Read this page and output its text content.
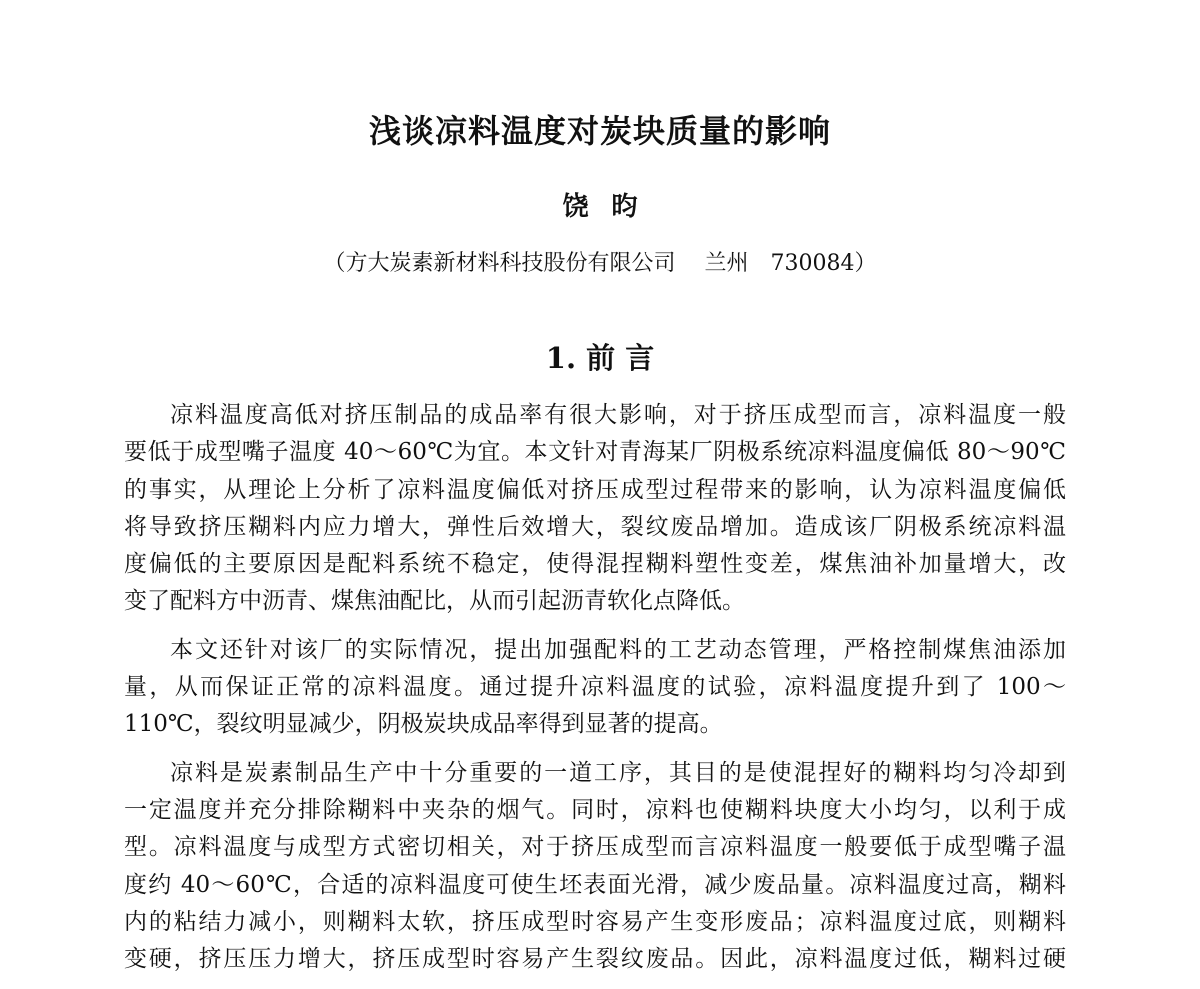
浅谈凉料温度对炭块质量的影响
饶 昀
（方大炭素新材料科技股份有限公司　 兰州　730084）
1. 前 言
凉料温度高低对挤压制品的成品率有很大影响，对于挤压成型而言，凉料温度一般
要低于成型嘴子温度 40～60℃为宜。本文针对青海某厂阴极系统凉料温度偏低 80～90℃
的事实，从理论上分析了凉料温度偏低对挤压成型过程带来的影响，认为凉料温度偏低
将导致挤压糊料内应力增大，弹性后效增大，裂纹废品增加。造成该厂阴极系统凉料温
度偏低的主要原因是配料系统不稳定，使得混捏糊料塑性变差，煤焦油补加量增大，改
变了配料方中沥青、煤焦油配比，从而引起沥青软化点降低。
本文还针对该厂的实际情况，提出加强配料的工艺动态管理，严格控制煤焦油添加
量，从而保证正常的凉料温度。通过提升凉料温度的试验，凉料温度提升到了 100～
110℃，裂纹明显减少，阴极炭块成品率得到显著的提高。
凉料是炭素制品生产中十分重要的一道工序，其目的是使混捏好的糊料均匀冷却到
一定温度并充分排除糊料中夹杂的烟气。同时，凉料也使糊料块度大小均匀，以利于成
型。凉料温度与成型方式密切相关，对于挤压成型而言凉料温度一般要低于成型嘴子温
度约 40～60℃，合适的凉料温度可使生坯表面光滑，减少废品量。凉料温度过高，糊料
内的粘结力减小，则糊料太软，挤压成型时容易产生变形废品；凉料温度过底，则糊料
变硬，挤压压力增大，挤压成型时容易产生裂纹废品。因此，凉料温度过低，糊料过硬
